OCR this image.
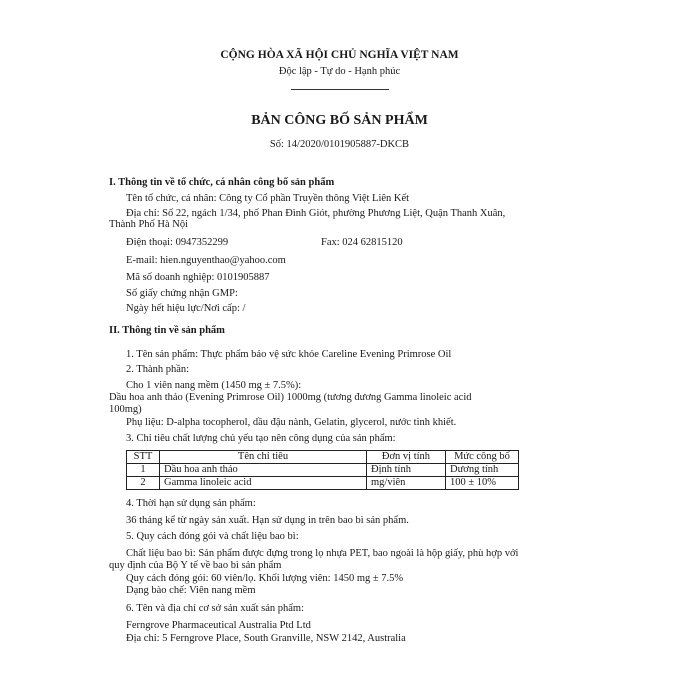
CỘNG HÒA XÃ HỘI CHỦ NGHĨA VIỆT NAM
Độc lập - Tự do - Hạnh phúc
BẢN CÔNG BỐ SẢN PHẨM
Số: 14/2020/0101905887-DKCB
I. Thông tin về tổ chức, cá nhân công bố sản phẩm
Tên tổ chức, cá nhân: Công ty Cổ phần Truyền thông Việt Liên Kết
Địa chỉ: Số 22, ngách 1/34, phố Phan Đình Giót, phường Phương Liệt, Quận Thanh Xuân,
Thành Phố Hà Nội
Điện thoại: 0947352299	Fax: 024 62815120
E-mail: hien.nguyenthao@yahoo.com
Mã số doanh nghiệp: 0101905887
Số giấy chứng nhận GMP:
Ngày hết hiệu lực/Nơi cấp: /
II. Thông tin về sản phẩm
1. Tên sản phẩm: Thực phẩm bảo vệ sức khỏe Careline Evening Primrose Oil
2. Thành phần:
Cho 1 viên nang mềm (1450 mg ± 7.5%):
Dầu hoa anh thảo (Evening Primrose Oil) 1000mg (tương đương Gamma linoleic acid
100mg)
Phụ liệu: D-alpha tocopherol, dầu đậu nành, Gelatin, glycerol, nước tinh khiết.
3. Chỉ tiêu chất lượng chủ yếu tạo nên công dụng của sản phẩm:
STT	Tên chỉ tiêu	Đơn vị tính	Mức công bố
1	Dầu hoa anh thảo	Định tính	Dương tính
2	Gamma linoleic acid	mg/viên	100 ± 10%
4. Thời hạn sử dụng sản phẩm:
36 tháng kể từ ngày sản xuất. Hạn sử dụng in trên bao bì sản phẩm.
5. Quy cách đóng gói và chất liệu bao bì:
Chất liệu bao bì: Sản phẩm được đựng trong lọ nhựa PET, bao ngoài là hộp giấy, phù hợp với
quy định của Bộ Y tế về bao bì sản phẩm
Quy cách đóng gói: 60 viên/lọ. Khối lượng viên: 1450 mg ± 7.5%
Dạng bào chế: Viên nang mềm
6. Tên và địa chỉ cơ sở sản xuất sản phẩm:
Ferngrove Pharmaceutical Australia Ptd Ltd
Địa chỉ: 5 Ferngrove Place, South Granville, NSW 2142, Australia
